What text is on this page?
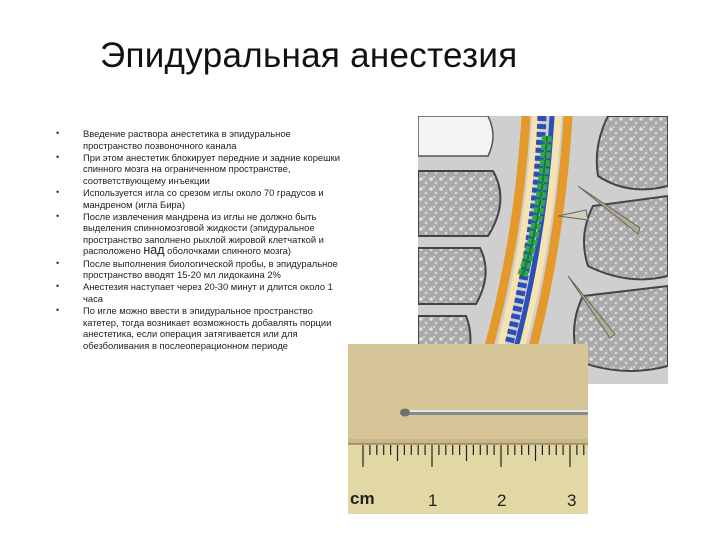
Эпидуральная анестезия
•	Введение раствора анестетика в эпидуральное пространство позвоночного канала
•	При этом анестетик блокирует передние и задние корешки спинного мозга на ограниченном пространстве, соответствующему инъекции
•	Используется игла со срезом иглы около 70 градусов и мандреном (игла Бира)
•	После извлечения мандрена из иглы не должно быть выделения спинномозговой жидкости (эпидуральное пространство заполнено рыхлой жировой клетчаткой и расположено над оболочками спинного мозга)
•	После выполнения биологической пробы, в эпидуральное пространство вводят 15-20 мл лидокаина 2%
•	Анестезия наступает через 20-30 минут и длится около 1 часа
•	По игле можно ввести в эпидуральное пространство катетер, тогда возникает возможность добавлять порции анестетика, если операция затягивается или для обезболивания в послеоперационном периоде
cm	1	2	3
